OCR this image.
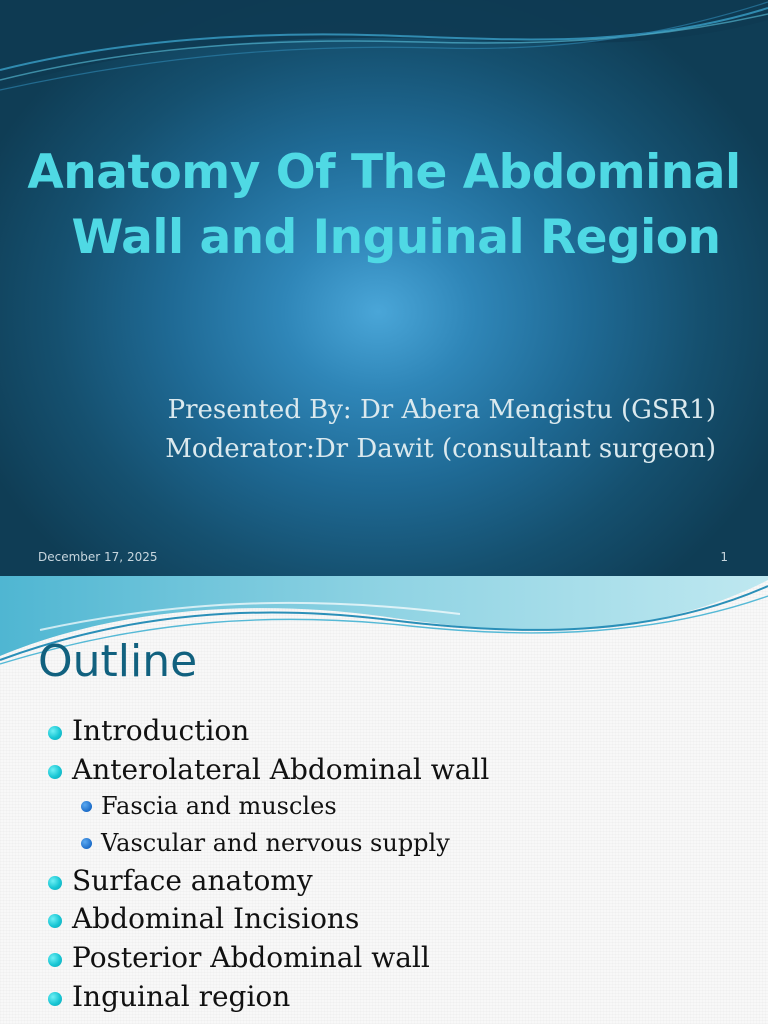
Anatomy Of The Abdominal
Wall and Inguinal Region

Presented By: Dr Abera Mengistu (GSR1)

Moderator:Dr Dawit (consultant surgeon)

December 17, 2025	1
Outline
Introduction
Anterolateral Abdominal wall
Fascia and muscles
Vascular and nervous supply
Surface anatomy
Abdominal Incisions
Posterior Abdominal wall
Inguinal region
